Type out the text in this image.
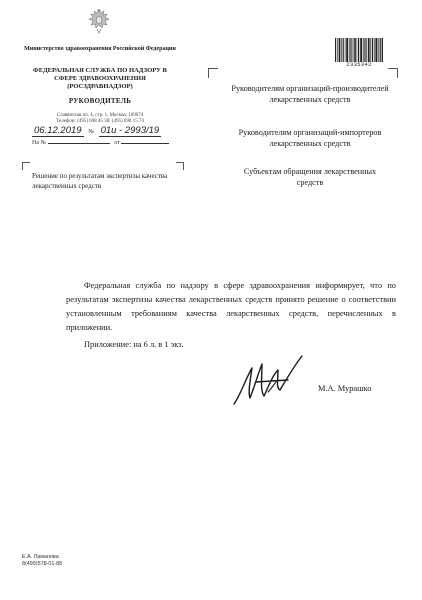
Министерство здравоохранения Российской Федерации
ФЕДЕРАЛЬНАЯ СЛУЖБА ПО НАДЗОРУ В СФЕРЕ ЗДРАВООХРАНЕНИЯ (РОСЗДРАВНАДЗОР)
РУКОВОДИТЕЛЬ
Славянская пл. 4, стр. 1, Москва, 109074
Телефон: (495) 698 45 38; (495) 698 15 74
06.12.2019 № 01и - 2993/19
На №	от
Решение по результатам экспертизы качества лекарственных средств
2335342
Руководителям организаций-производителей лекарственных средств
Руководителям организаций-импортеров лекарственных средств
Субъектам обращения лекарственных средств
Федеральная служба по надзору в сфере здравоохранения информирует, что по результатам экспертизы качества лекарственных средств принято решение о соответствии установленным требованиям качества лекарственных средств, перечисленных в приложении.
Приложение: на 6 л. в 1 экз.
М.А. Мурашко
Е.А. Ламанова
8(499)578-01-88
